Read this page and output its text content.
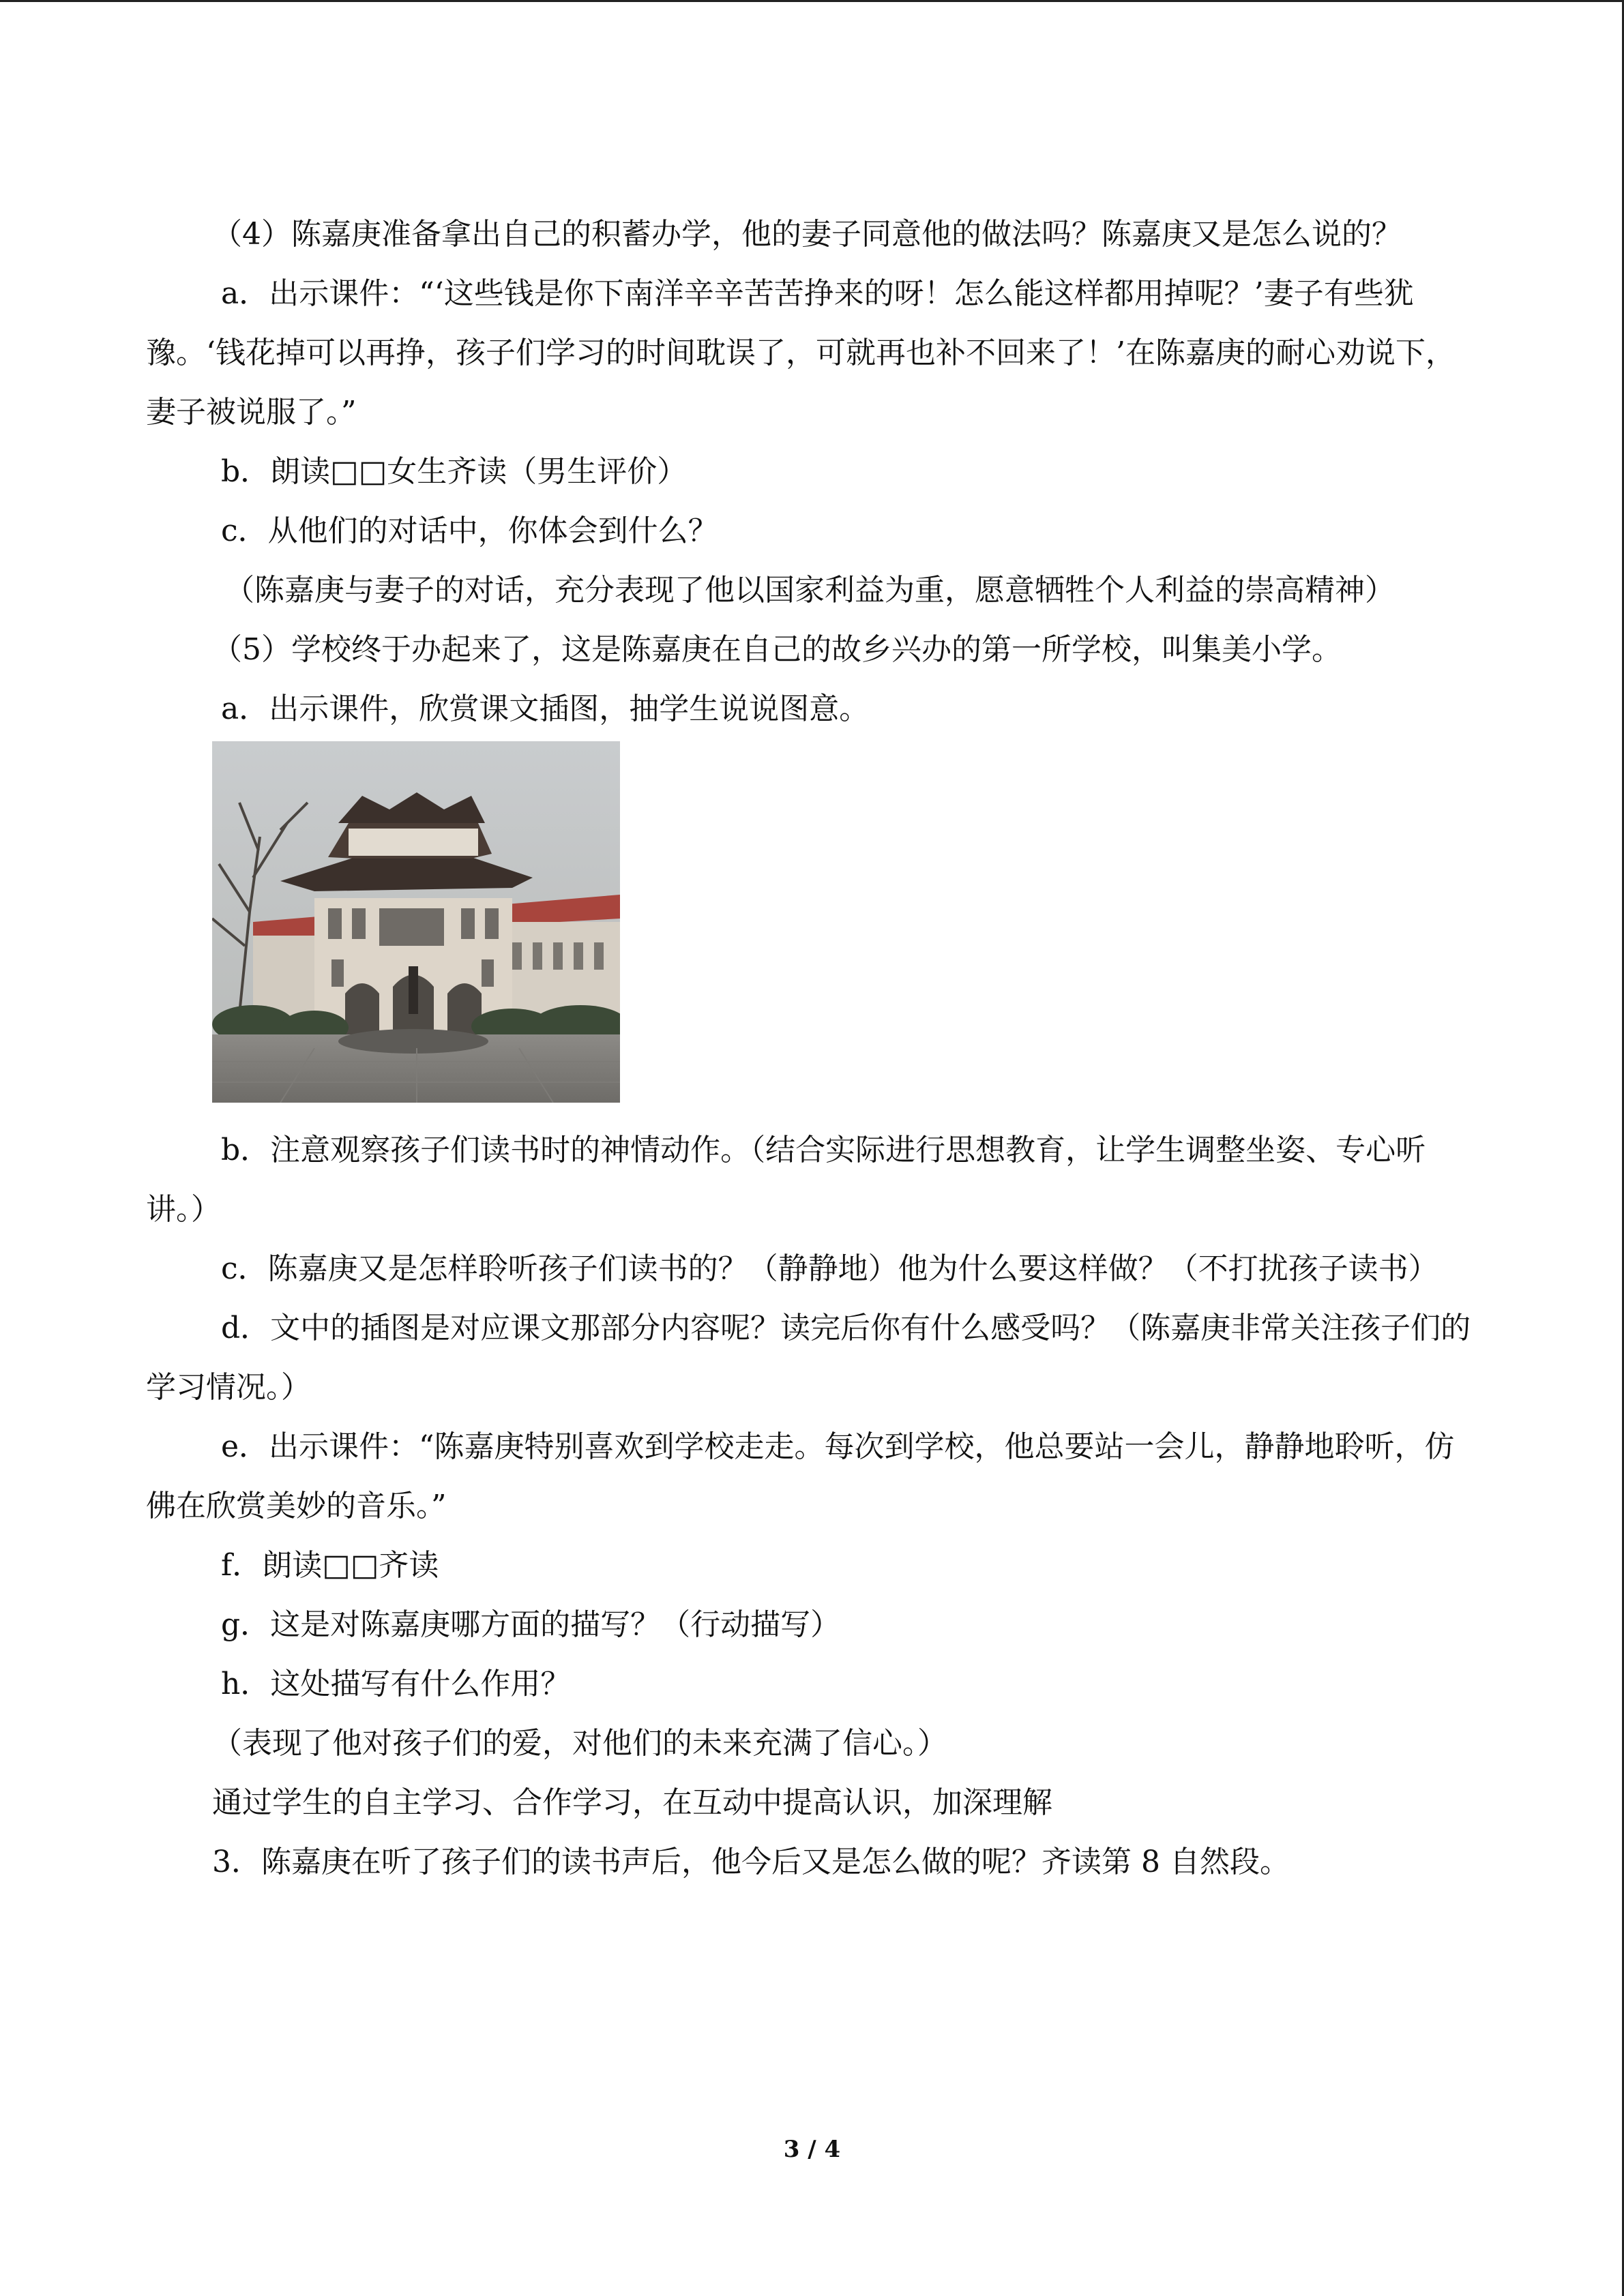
（4）陈嘉庚准备拿出自己的积蓄办学，他的妻子同意他的做法吗？陈嘉庚又是怎么说的？

a．出示课件：“‘这些钱是你下南洋辛辛苦苦挣来的呀！怎么能这样都用掉呢？’妻子有些犹豫。‘钱花掉可以再挣，孩子们学习的时间耽误了，可就再也补不回来了！’在陈嘉庚的耐心劝说下，妻子被说服了。”

b．朗读□□女生齐读（男生评价）

c．从他们的对话中，你体会到什么？

（陈嘉庚与妻子的对话，充分表现了他以国家利益为重，愿意牺牲个人利益的崇高精神）

（5）学校终于办起来了，这是陈嘉庚在自己的故乡兴办的第一所学校，叫集美小学。

a．出示课件，欣赏课文插图，抽学生说说图意。

b．注意观察孩子们读书时的神情动作。（结合实际进行思想教育，让学生调整坐姿、专心听讲。）

c．陈嘉庚又是怎样聆听孩子们读书的？（静静地）他为什么要这样做？（不打扰孩子读书）

d．文中的插图是对应课文那部分内容呢？读完后你有什么感受吗？（陈嘉庚非常关注孩子们的学习情况。）

e．出示课件：“陈嘉庚特别喜欢到学校走走。每次到学校，他总要站一会儿，静静地聆听，仿佛在欣赏美妙的音乐。”

f．朗读□□齐读

g．这是对陈嘉庚哪方面的描写？（行动描写）

h．这处描写有什么作用？

（表现了他对孩子们的爱，对他们的未来充满了信心。）

通过学生的自主学习、合作学习，在互动中提高认识，加深理解

3．陈嘉庚在听了孩子们的读书声后，他今后又是怎么做的呢？齐读第 8 自然段。

3 / 4
